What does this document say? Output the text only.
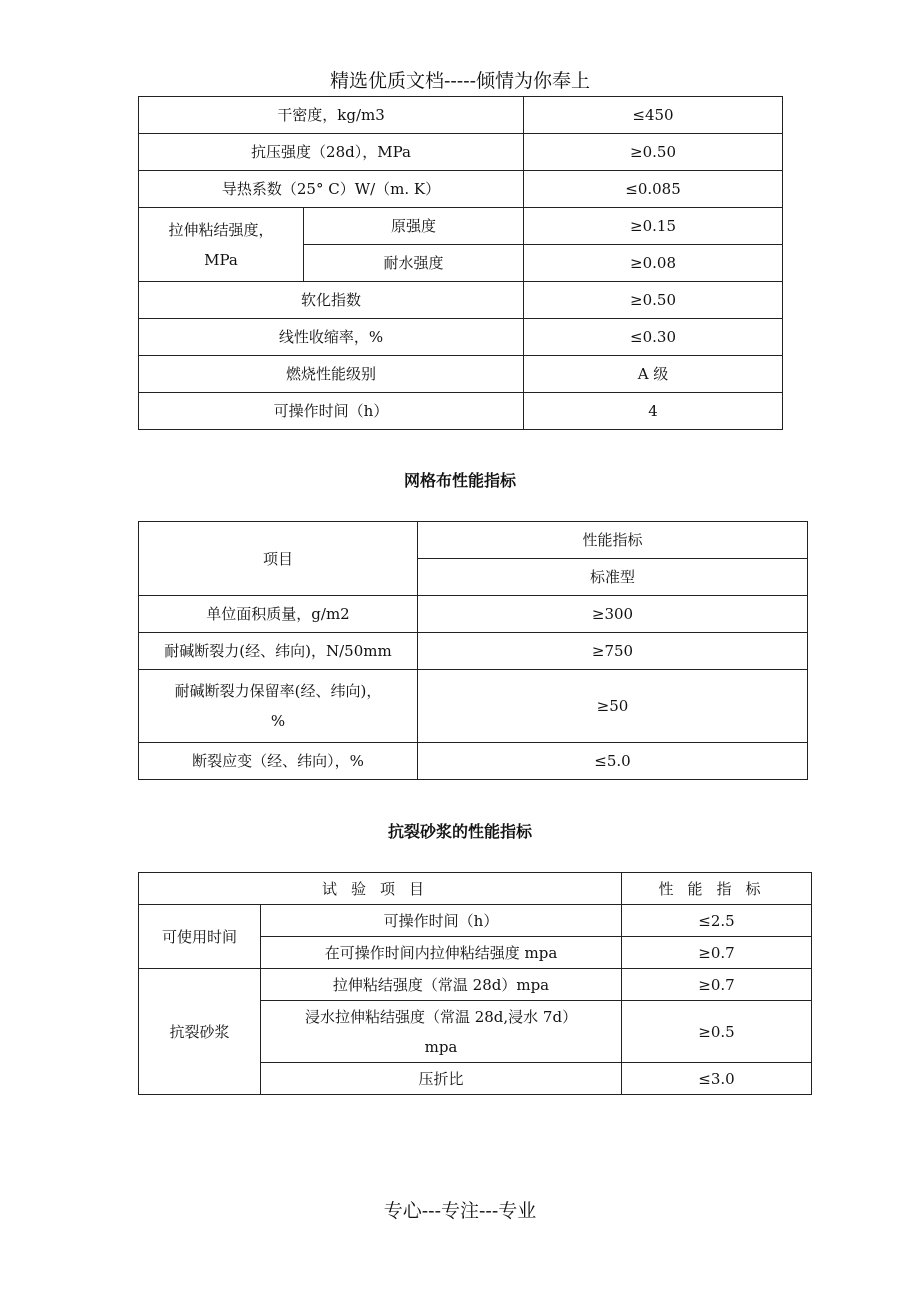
精选优质文档-----倾情为你奉上
干密度，kg/m3		≤450
抗压强度（28d），MPa		≥0.50
导热系数（25° C）W/（m. K）		≤0.085

拉伸粘结强度，
MPa	原强度	≥0.15
	耐水强度	≥0.08
软化指数		≥0.50
线性收缩率，%		≤0.30
燃烧性能级别		A 级
可操作时间（h）		4
网格布性能指标
项目	性能指标
	标准型
单位面积质量，g/m2	≥300
耐碱断裂力(经、纬向)，N/50mm	≥750

耐碱断裂力保留率(经、纬向)，
%	≥50
断裂应变（经、纬向），%	≤5.0
抗裂砂浆的性能指标
试验项目		性能指标
可使用时间	可操作时间（h）	≤2.5
	在可操作时间内拉伸粘结强度 mpa	≥0.7
抗裂砂浆	拉伸粘结强度（常温 28d）mpa	≥0.7

	浸水拉伸粘结强度（常温 28d,浸水 7d）
mpa	≥0.5
	压折比	≤3.0
专心---专注---专业
